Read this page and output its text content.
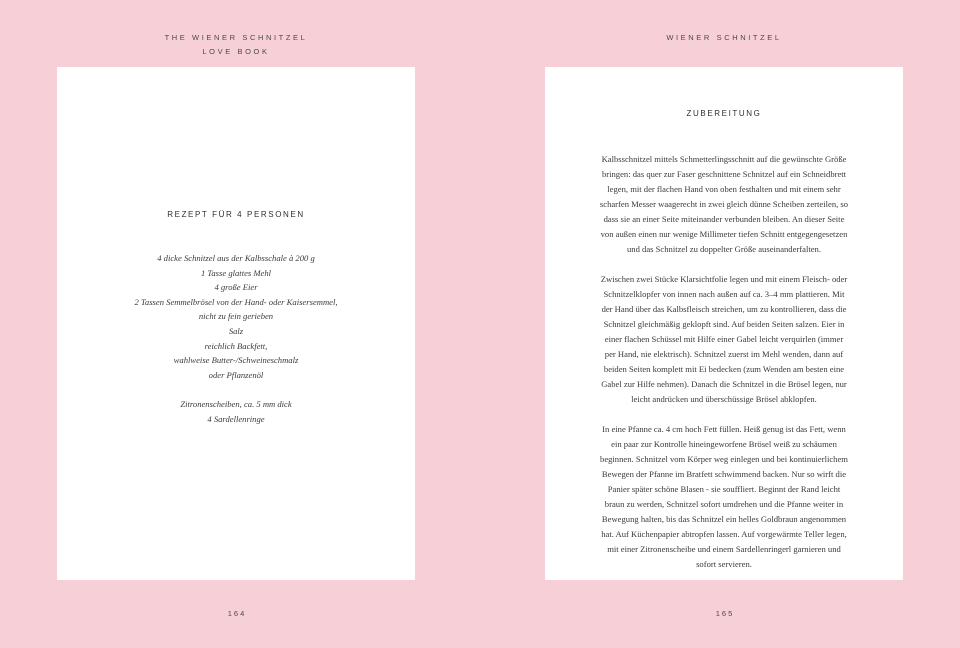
THE WIENER SCHNITZEL
LOVE BOOK
WIENER SCHNITZEL
REZEPT FÜR 4 PERSONEN
4 dicke Schnitzel aus der Kalbsschale à 200 g
1 Tasse glattes Mehl
4 große Eier
2 Tassen Semmelbrösel von der Hand- oder Kaisersemmel,
nicht zu fein gerieben
Salz
reichlich Backfett,
wahlweise Butter-/Schweineschmalz
oder Pflanzenöl
Zitronenscheiben, ca. 5 mm dick
4 Sardellenringe
ZUBEREITUNG
Kalbsschnitzel mittels Schmetterlingsschnitt auf die gewünschte Größe
bringen: das quer zur Faser geschnittene Schnitzel auf ein Schneidbrett
legen, mit der flachen Hand von oben festhalten und mit einem sehr
scharfen Messer waagerecht in zwei gleich dünne Scheiben zerteilen, so
dass sie an einer Seite miteinander verbunden bleiben. An dieser Seite
von außen einen nur wenige Millimeter tiefen Schnitt entgegengesetzen
und das Schnitzel zu doppelter Größe auseinanderfalten.
Zwischen zwei Stücke Klarsichtfolie legen und mit einem Fleisch- oder
Schnitzelklopfer von innen nach außen auf ca. 3–4 mm plattieren. Mit
der Hand über das Kalbsfleisch streichen, um zu kontrollieren, dass die
Schnitzel gleichmäßig geklopft sind. Auf beiden Seiten salzen. Eier in
einer flachen Schüssel mit Hilfe einer Gabel leicht verquirlen (immer
per Hand, nie elektrisch). Schnitzel zuerst im Mehl wenden, dann auf
beiden Seiten komplett mit Ei bedecken (zum Wenden am besten eine
Gabel zur Hilfe nehmen). Danach die Schnitzel in die Brösel legen, nur
leicht andrücken und überschüssige Brösel abklopfen.
In eine Pfanne ca. 4 cm hoch Fett füllen. Heiß genug ist das Fett, wenn
ein paar zur Kontrolle hineingeworfene Brösel weiß zu schäumen
beginnen. Schnitzel vom Körper weg einlegen und bei kontinuierlichem
Bewegen der Pfanne im Bratfett schwimmend backen. Nur so wirft die
Panier später schöne Blasen - sie souffliert. Beginnt der Rand leicht
braun zu werden, Schnitzel sofort umdrehen und die Pfanne weiter in
Bewegung halten, bis das Schnitzel ein helles Goldbraun angenommen
hat. Auf Küchenpapier abtropfen lassen. Auf vorgewärmte Teller legen,
mit einer Zitronenscheibe und einem Sardellenringerl garnieren und
sofort servieren.
164	165
